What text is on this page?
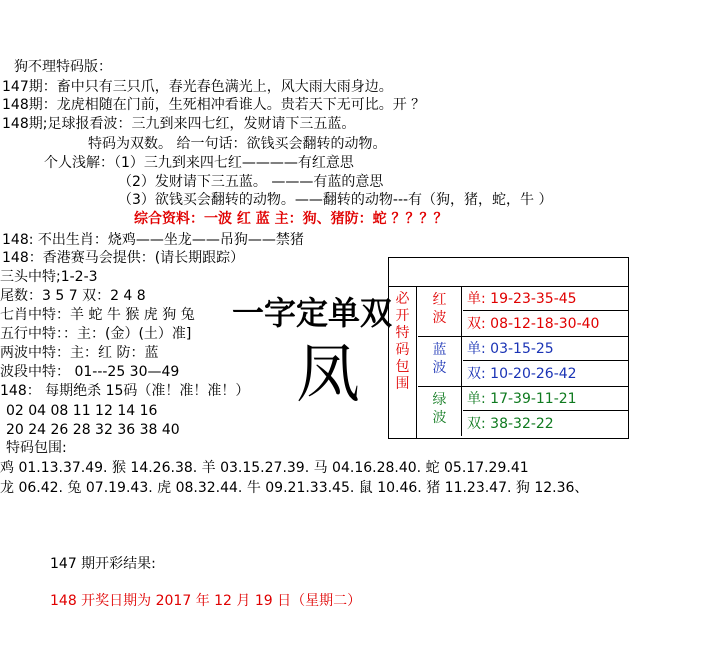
狗不理特码版：
147期：畜中只有三只爪，春光春色满光上，风大雨大雨身边。
148期：龙虎相随在门前，生死相冲看谁人。贵若天下无可比。开 ？
148期;足球报看波：三九到来四七红，发财请下三五蓝。
特码为双数。 给一句话：欲钱买会翻转的动物。
个人浅解：（1）三九到来四七红————有红意思
（2）发财请下三五蓝。 ———有蓝的意思
（3）欲钱买会翻转的动物。——翻转的动物---有（狗，猪，蛇，牛 ）
综合资料：一波 红 蓝 主：狗、猪防：蛇 ？？？？
148: 不出生肖：烧鸡——坐龙——吊狗——禁猪
148：香港赛马会提供：(请长期跟踪）
三头中特;1-2-3
尾数：3 5 7 双：2 4 8
七肖中特：羊 蛇 牛 猴 虎 狗 兔
五行中特：：主：(金）(土）准]
两波中特：主：红 防：蓝
波段中特： 01---25 30—49
148： 每期绝杀 15码（准！准！准！）
02 04 08 11 12 14 16
20 24 26 28 32 36 38 40
特码包围:
鸡 01.13.37.49. 猴 14.26.38. 羊 03.15.27.39. 马 04.16.28.40. 蛇 05.17.29.41
龙 06.42. 兔 07.19.43. 虎 08.32.44. 牛 09.21.33.45. 鼠 10.46. 猪 11.23.47. 狗 12.36、
147 期开彩结果:
148 开奖日期为 2017 年 12 月 19 日（星期二）
一字定单双
凤
必
开
特
码
包
围
红
波
单: 19-23-35-45
双: 08-12-18-30-40
蓝
波
单: 03-15-25
双: 10-20-26-42
绿
波
单: 17-39-11-21
双: 38-32-22
